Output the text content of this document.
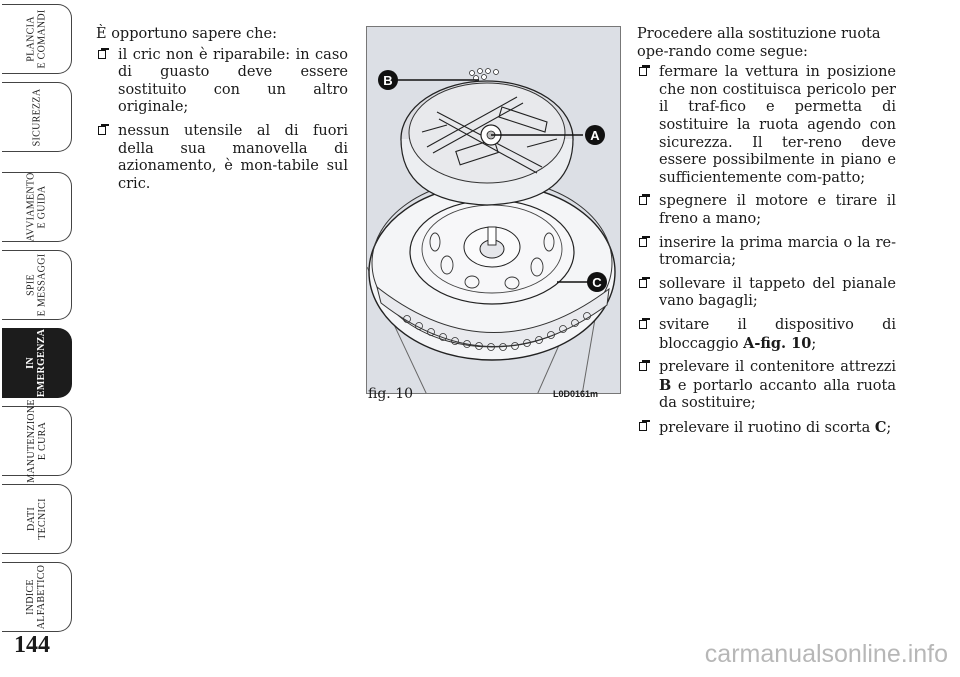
PLANCIA
E COMANDI
SICUREZZA
AVVIAMENTO
E GUIDA
SPIE
E MESSAGGI
IN
EMERGENZA
MANUTENZIONE
E CURA
DATI
TECNICI
INDICE
ALFABETICO
144

È opportuno sapere che:

il cric non è riparabile: in caso di guasto deve essere sostituito con un altro originale;
nessun utensile al di fuori della sua manovella di azionamento, è mon-tabile sul cric.
B
A
C
fig. 10	L0D0161m

Procedere alla sostituzione ruota ope-rando come segue:

fermare la vettura in posizione che non costituisca pericolo per il traf-fico e permetta di sostituire la ruota agendo con sicurezza. Il ter-reno deve essere possibilmente in piano e sufficientemente com-patto;
spegnere il motore e tirare il freno a mano;
inserire la prima marcia o la re-tromarcia;
sollevare il tappeto del pianale vano bagagli;
svitare il dispositivo di bloccaggio A-fig. 10;
prelevare il contenitore attrezzi B e portarlo accanto alla ruota da sostituire;
prelevare il ruotino di scorta C;
carmanualsonline.info
